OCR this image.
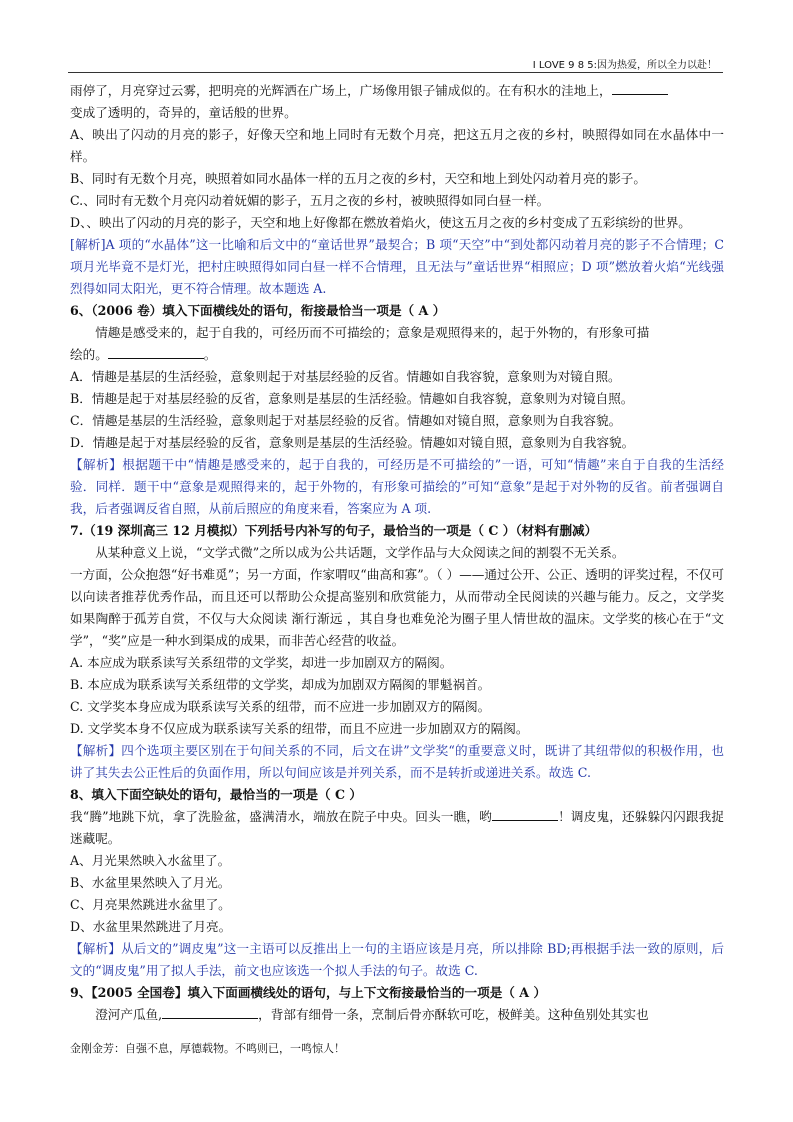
I LOVE 9 8 5:因为热爱，所以全力以赴！

雨停了，月亮穿过云雾，把明亮的光辉洒在广场上，广场像用银子铺成似的。在有积水的洼地上，

变成了透明的，奇异的，童话般的世界。

A、映出了闪动的月亮的影子，好像天空和地上同时有无数个月亮，把这五月之夜的乡村，映照得如同在水晶体中一样。

B、同时有无数个月亮，映照着如同水晶体一样的五月之夜的乡村，天空和地上到处闪动着月亮的影子。

C.、同时有无数个月亮闪动着妩媚的影子，五月之夜的乡村，被映照得如同白昼一样。

D、、映出了闪动的月亮的影子，天空和地上好像都在燃放着焰火，使这五月之夜的乡村变成了五彩缤纷的世界。

[解析]A 项的“水晶体”这一比喻和后文中的“童话世界”最契合；B 项“天空”中“到处都闪动着月亮的影子不合情理；C 项月光毕竟不是灯光，把村庄映照得如同白昼一样不合情理，且无法与”童话世界“相照应；D 项”燃放着火焰“光线强烈得如同太阳光，更不符合情理。故本题选 A.

6、（2006 卷）填入下面横线处的语句，衔接最恰当一项是（ A ）

情趣是感受来的，起于自我的，可经历而不可描绘的；意象是观照得来的，起于外物的，有形象可描

绘的。	。

A．情趣是基层的生活经验，意象则起于对基层经验的反省。情趣如自我容貌，意象则为对镜自照。

B．情趣是起于对基层经验的反省，意象则是基层的生活经验。情趣如自我容貌，意象则为对镜自照。

C．情趣是基层的生活经验，意象则起于对基层经验的反省。情趣如对镜自照，意象则为自我容貌。

D．情趣是起于对基层经验的反省，意象则是基层的生活经验。情趣如对镜自照，意象则为自我容貌。

【解析】根据题干中“情趣是感受来的，起于自我的，可经历是不可描绘的”一语，可知“情趣”来自于自我的生活经验．同样．题干中“意象是观照得来的，起于外物的，有形象可描绘的”可知“意象”是起于对外物的反省。前者强调自我，后者强调反省自照，从前后照应的角度来看，答案应为 A 项.

7.（19 深圳高三 12 月模拟）下列括号内补写的句子，最恰当的一项是（ C ）（材料有删减）

从某种意义上说，“文学式微”之所以成为公共话题，文学作品与大众阅读之间的割裂不无关系。

一方面，公众抱怨“好书难觅”；另一方面，作家喟叹“曲高和寡”。（ ）——通过公开、公正、透明的评奖过程，不仅可以向读者推荐优秀作品，而且还可以帮助公众提高鉴别和欣赏能力，从而带动全民阅读的兴趣与能力。反之，文学奖如果陶醉于孤芳自赏，不仅与大众阅读 渐行渐远 ，其自身也难免沦为圈子里人情世故的温床。文学奖的核心在于“文学”，“奖”应是一种水到渠成的成果，而非苦心经营的收益。

A. 本应成为联系读写关系纽带的文学奖，却进一步加剧双方的隔阂。

B. 本应成为联系读写关系纽带的文学奖，却成为加剧双方隔阂的罪魁祸首。

C. 文学奖本身应成为联系读写关系的纽带，而不应进一步加剧双方的隔阂。

D. 文学奖本身不仅应成为联系读写关系的纽带，而且不应进一步加剧双方的隔阂。

【解析】四个选项主要区别在于句间关系的不同，后文在讲”文学奖“的重要意义时，既讲了其纽带似的积极作用，也讲了其失去公正性后的负面作用，所以句间应该是并列关系，而不是转折或递进关系。故选 C.

8、填入下面空缺处的语句，最恰当的一项是（ C ）

我“腾”地跳下炕，拿了洗脸盆，盛满清水，端放在院子中央。回头一瞧，哟	！调皮鬼，还躲躲闪闪跟我捉迷藏呢。

A、月光果然映入水盆里了。

B、水盆里果然映入了月光。

C、月亮果然跳进水盆里了。

D、水盆里果然跳进了月亮。

【解析】从后文的”调皮鬼”这一主语可以反推出上一句的主语应该是月亮，所以排除 BD;再根据手法一致的原则，后文的“调皮鬼”用了拟人手法，前文也应该选一个拟人手法的句子。故选 C.

9、【2005 全国卷】填入下面画横线处的语句，与上下文衔接最恰当的一项是（ A ）

澄河产瓜鱼,	，背部有细骨一条，烹制后骨亦酥软可吃，极鲜美。这种鱼别处其实也

金刚金芳：自强不息，厚德载物。不鸣则已，一鸣惊人！
